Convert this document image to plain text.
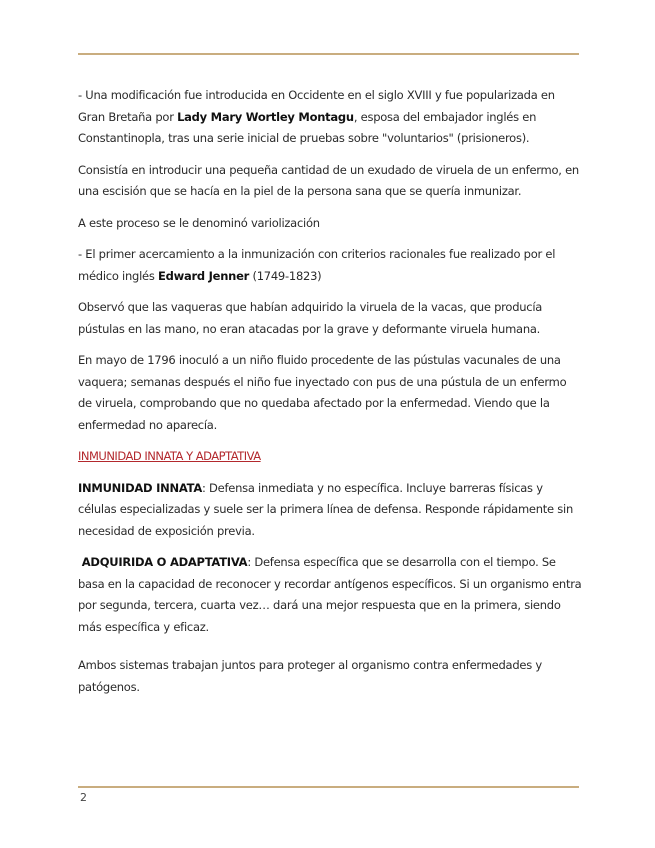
- Una modificación fue introducida en Occidente en el siglo XVIII y fue popularizada en Gran Bretaña por Lady Mary Wortley Montagu, esposa del embajador inglés en Constantinopla, tras una serie inicial de pruebas sobre "voluntarios" (prisioneros).

Consistía en introducir una pequeña cantidad de un exudado de viruela de un enfermo, en una escisión que se hacía en la piel de la persona sana que se quería inmunizar.

A este proceso se le denominó variolización

- El primer acercamiento a la inmunización con criterios racionales fue realizado por el médico inglés Edward Jenner (1749-1823)

Observó que las vaqueras que habían adquirido la viruela de la vacas, que producía pústulas en las mano, no eran atacadas por la grave y deformante viruela humana.

En mayo de 1796 inoculó a un niño fluido procedente de las pústulas vacunales de una vaquera; semanas después el niño fue inyectado con pus de una pústula de un enfermo de viruela, comprobando que no quedaba afectado por la enfermedad. Viendo que la enfermedad no aparecía.

INMUNIDAD INNATA Y ADAPTATIVA

INMUNIDAD INNATA: Defensa inmediata y no específica. Incluye barreras físicas y células especializadas y suele ser la primera línea de defensa. Responde rápidamente sin necesidad de exposición previa.

ADQUIRIDA O ADAPTATIVA: Defensa específica que se desarrolla con el tiempo. Se basa en la capacidad de reconocer y recordar antígenos específicos. Si un organismo entra por segunda, tercera, cuarta vez… dará una mejor respuesta que en la primera, siendo más específica y eficaz.

Ambos sistemas trabajan juntos para proteger al organismo contra enfermedades y patógenos.

2
